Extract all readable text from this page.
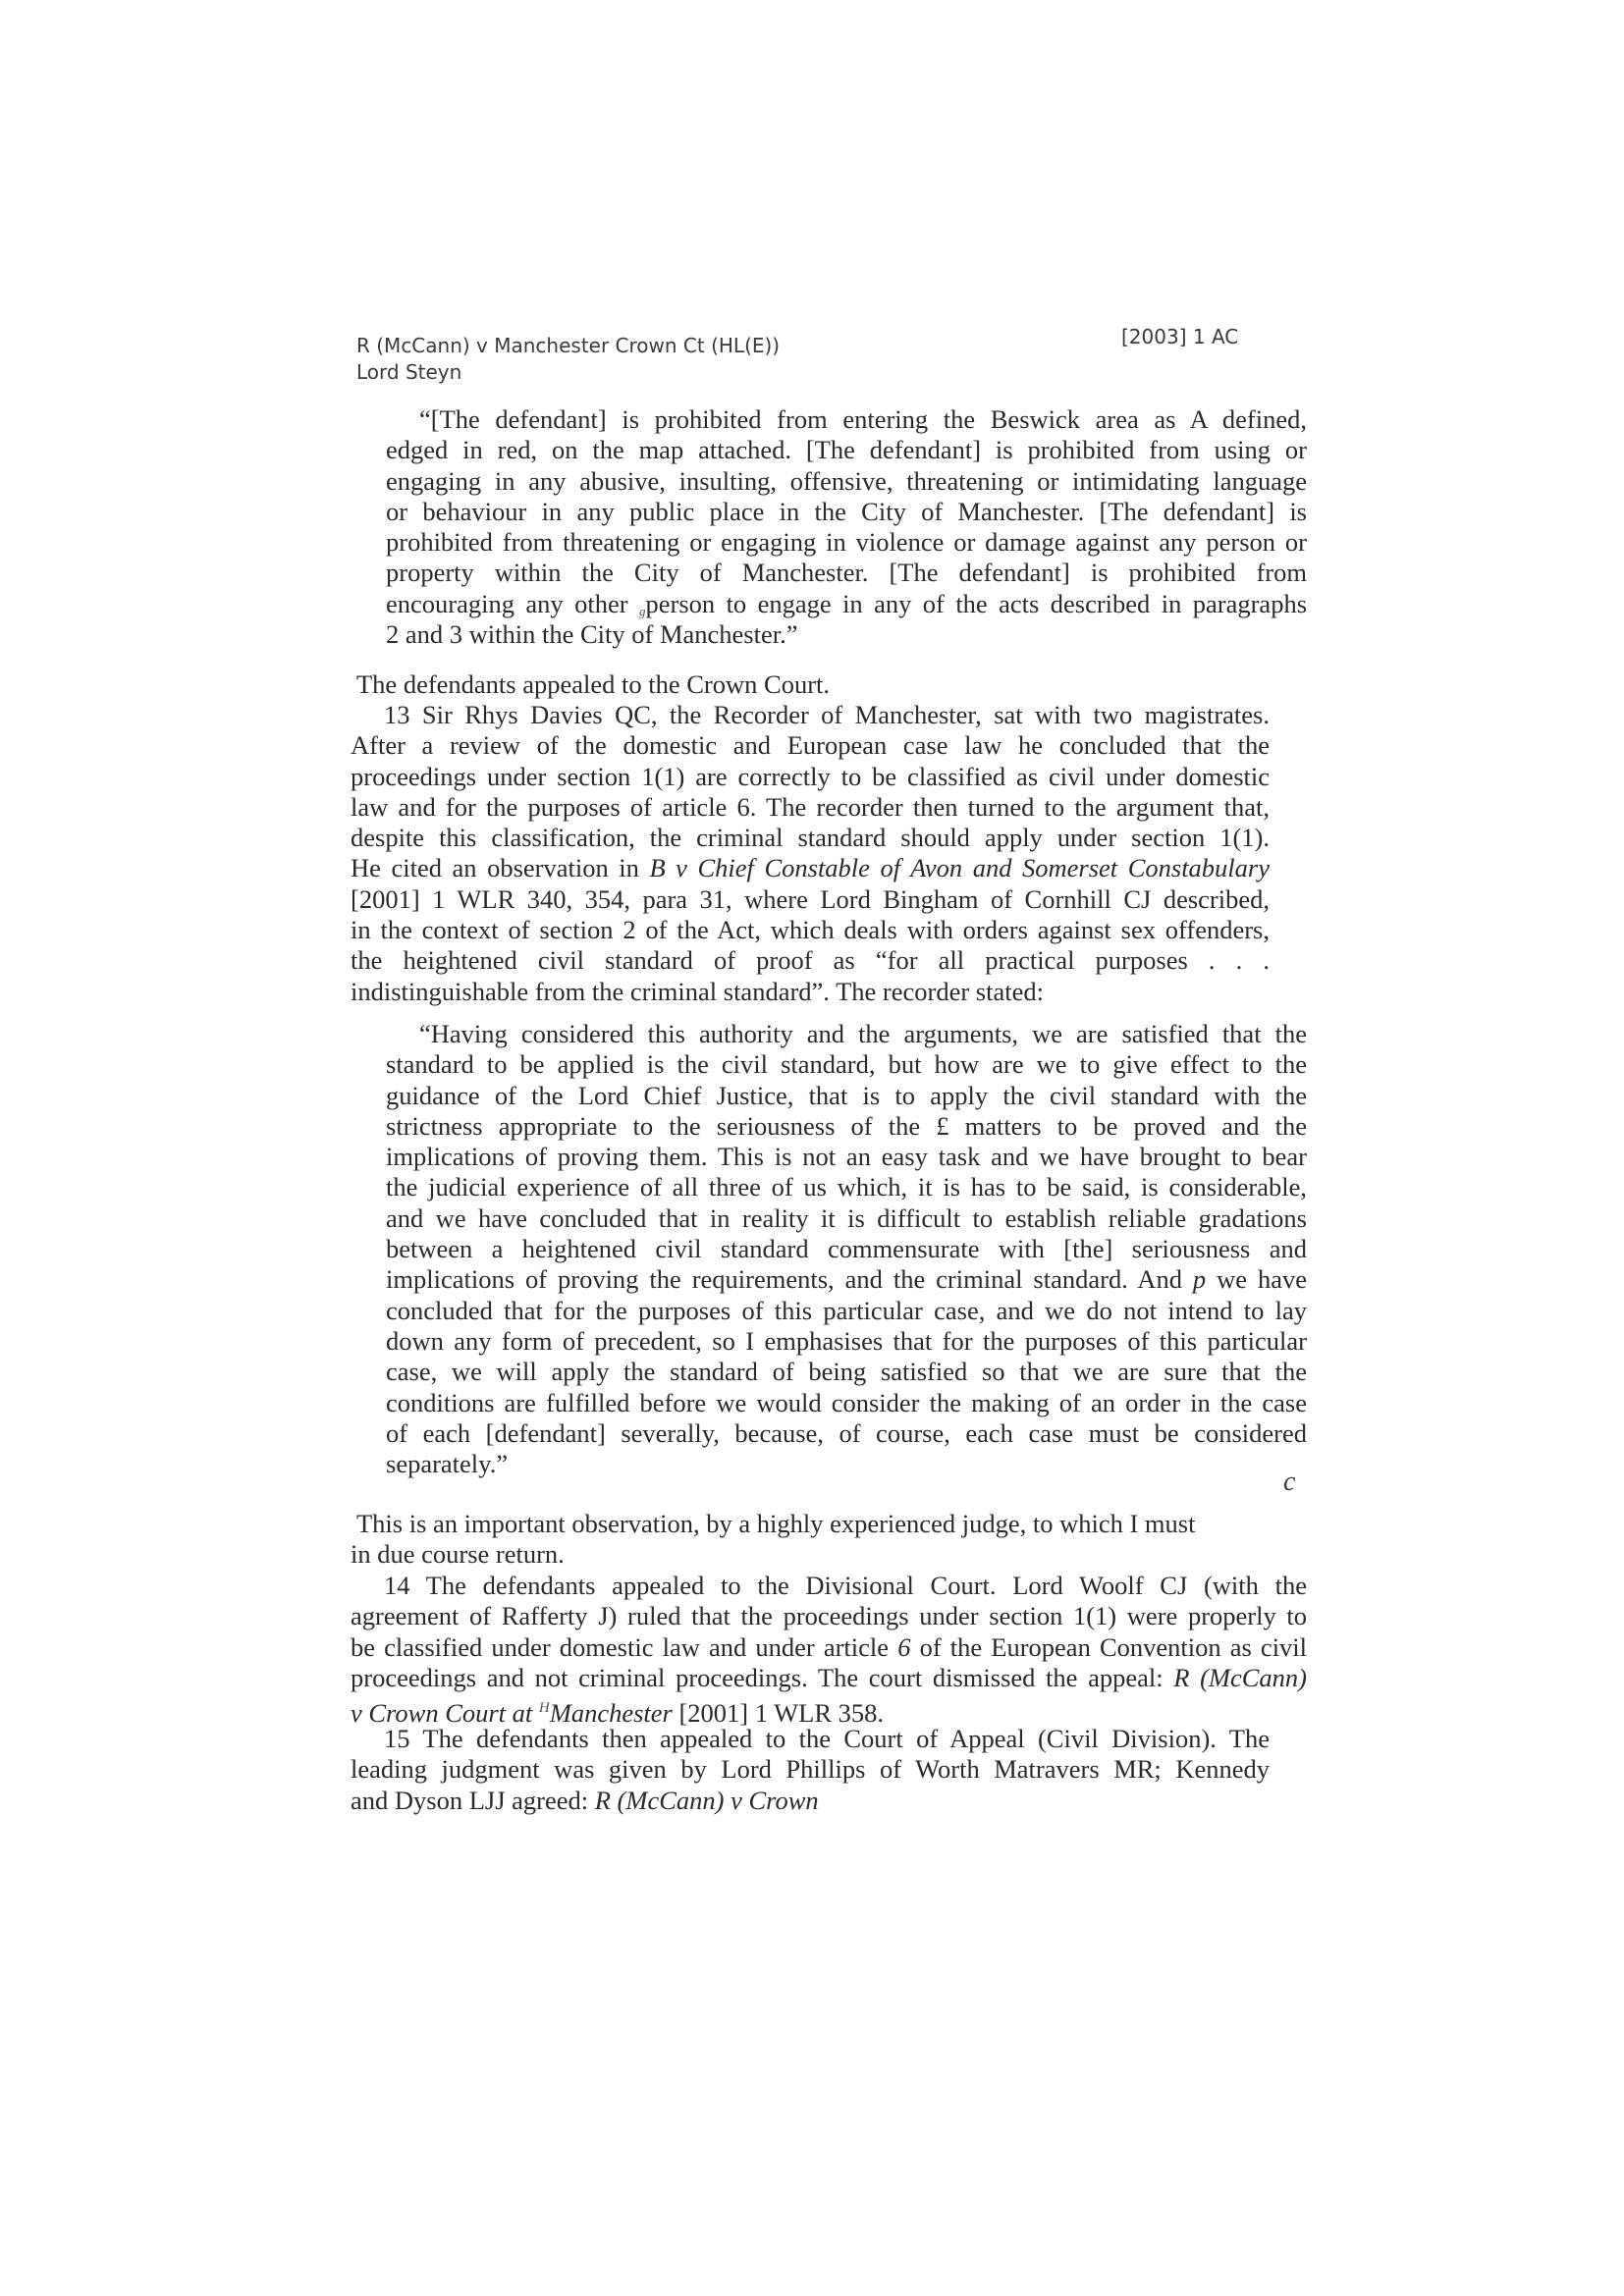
R (McCann) v Manchester Crown Ct (HL(E))
Lord Steyn
[2003] 1 AC
“[The defendant] is prohibited from entering the Beswick area as A defined,
edged in red, on the map attached. [The defendant] is prohibited from using or
engaging in any abusive, insulting, offensive, threatening or intimidating language
or behaviour in any public place in the City of Manchester. [The defendant] is
prohibited from threatening or engaging in violence or damage against any person or
property within the City of Manchester. [The defendant] is prohibited from
encouraging any other gperson to engage in any of the acts described in paragraphs
2 and 3 within the City of Manchester.”
The defendants appealed to the Crown Court.
13 Sir Rhys Davies QC, the Recorder of Manchester, sat with two magistrates.
After a review of the domestic and European case law he concluded that the
proceedings under section 1(1) are correctly to be classified as civil under domestic
law and for the purposes of article 6. The recorder then turned to the argument that,
despite this classification, the criminal standard should apply under section 1(1).
He cited an observation in B v Chief Constable of Avon and Somerset Constabulary
[2001] 1 WLR 340, 354, para 31, where Lord Bingham of Cornhill CJ described,
in the context of section 2 of the Act, which deals with orders against sex offenders,
the heightened civil standard of proof as “for all practical purposes . . .
indistinguishable from the criminal standard”. The recorder stated:
“Having considered this authority and the arguments, we are satisfied that the
standard to be applied is the civil standard, but how are we to give effect to the
guidance of the Lord Chief Justice, that is to apply the civil standard with the
strictness appropriate to the seriousness of the £ matters to be proved and the
implications of proving them. This is not an easy task and we have brought to bear
the judicial experience of all three of us which, it is has to be said, is considerable,
and we have concluded that in reality it is difficult to establish reliable gradations
between a heightened civil standard commensurate with [the] seriousness and
implications of proving the requirements, and the criminal standard. And p we have
concluded that for the purposes of this particular case, and we do not intend to lay
down any form of precedent, so I emphasises that for the purposes of this particular
case, we will apply the standard of being satisfied so that we are sure that the
conditions are fulfilled before we would consider the making of an order in the case
of each [defendant] severally, because, of course, each case must be considered
separately.”
c
This is an important observation, by a highly experienced judge, to which I must
in due course return.
14 The defendants appealed to the Divisional Court. Lord Woolf CJ (with the
agreement of Rafferty J) ruled that the proceedings under section 1(1) were properly to
be classified under domestic law and under article 6 of the European Convention as civil
proceedings and not criminal proceedings. The court dismissed the appeal: R (McCann)
v Crown Court at $^H$Manchester [2001] 1 WLR 358.
15 The defendants then appealed to the Court of Appeal (Civil Division). The
leading judgment was given by Lord Phillips of Worth Matravers MR; Kennedy
and Dyson LJJ agreed: R (McCann) v Crown
